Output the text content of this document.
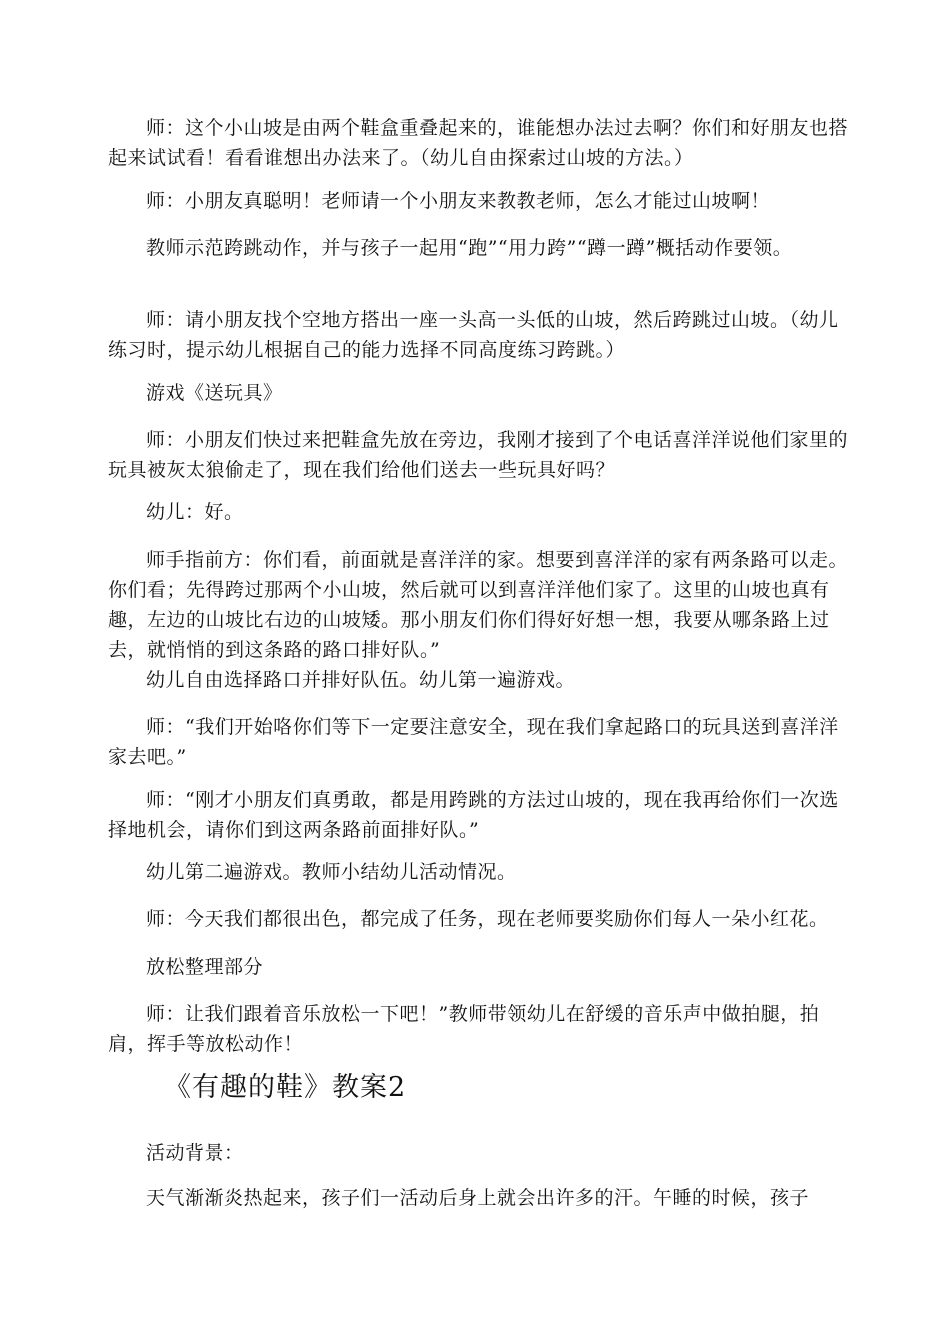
师：这个小山坡是由两个鞋盒重叠起来的，谁能想办法过去啊？你们和好朋友也搭起来试试看！看看谁想出办法来了。（幼儿自由探索过山坡的方法。）

师：小朋友真聪明！老师请一个小朋友来教教老师，怎么才能过山坡啊！

教师示范跨跳动作，并与孩子一起用“跑”“用力跨”“蹲一蹲”概括动作要领。

师：请小朋友找个空地方搭出一座一头高一头低的山坡，然后跨跳过山坡。（幼儿练习时，提示幼儿根据自己的能力选择不同高度练习跨跳。）

游戏《送玩具》

师：小朋友们快过来把鞋盒先放在旁边，我刚才接到了个电话喜洋洋说他们家里的玩具被灰太狼偷走了，现在我们给他们送去一些玩具好吗？

幼儿：好。

师手指前方：你们看，前面就是喜洋洋的家。想要到喜洋洋的家有两条路可以走。你们看；先得跨过那两个小山坡，然后就可以到喜洋洋他们家了。这里的山坡也真有趣，左边的山坡比右边的山坡矮。那小朋友们你们得好好想一想，我要从哪条路上过去，就悄悄的到这条路的路口排好队。”

幼儿自由选择路口并排好队伍。幼儿第一遍游戏。

师：“我们开始咯你们等下一定要注意安全，现在我们拿起路口的玩具送到喜洋洋家去吧。”

师：“刚才小朋友们真勇敢，都是用跨跳的方法过山坡的，现在我再给你们一次选择地机会，请你们到这两条路前面排好队。”

幼儿第二遍游戏。教师小结幼儿活动情况。

师：今天我们都很出色，都完成了任务，现在老师要奖励你们每人一朵小红花。

放松整理部分

师：让我们跟着音乐放松一下吧！”教师带领幼儿在舒缓的音乐声中做拍腿，拍肩，挥手等放松动作！

《有趣的鞋》教案2

活动背景：

天气渐渐炎热起来，孩子们一活动后身上就会出许多的汗。午睡的时候，孩子
